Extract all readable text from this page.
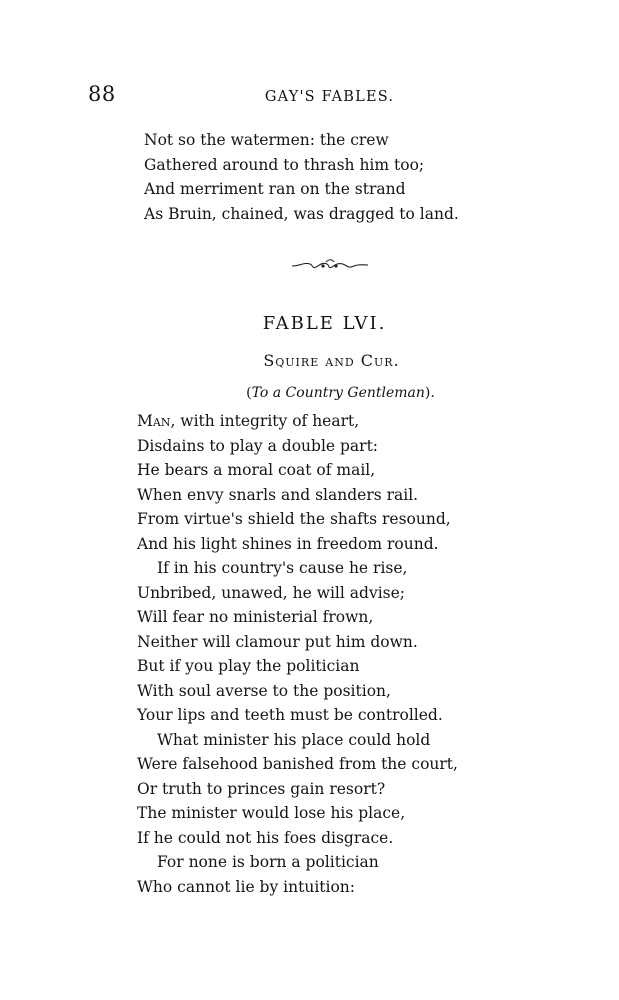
88	GAY'S FABLES.
Not so the watermen: the crew
Gathered around to thrash him too;
And merriment ran on the strand
As Bruin, chained, was dragged to land.
FABLE LVI.
Squire and Cur.
(To a Country Gentleman).
Man, with integrity of heart,
Disdains to play a double part:
He bears a moral coat of mail,
When envy snarls and slanders rail.
From virtue's shield the shafts resound,
And his light shines in freedom round.
If in his country's cause he rise,
Unbribed, unawed, he will advise;
Will fear no ministerial frown,
Neither will clamour put him down.
But if you play the politician
With soul averse to the position,
Your lips and teeth must be controlled.
What minister his place could hold
Were falsehood banished from the court,
Or truth to princes gain resort?
The minister would lose his place,
If he could not his foes disgrace.
For none is born a politician
Who cannot lie by intuition:
